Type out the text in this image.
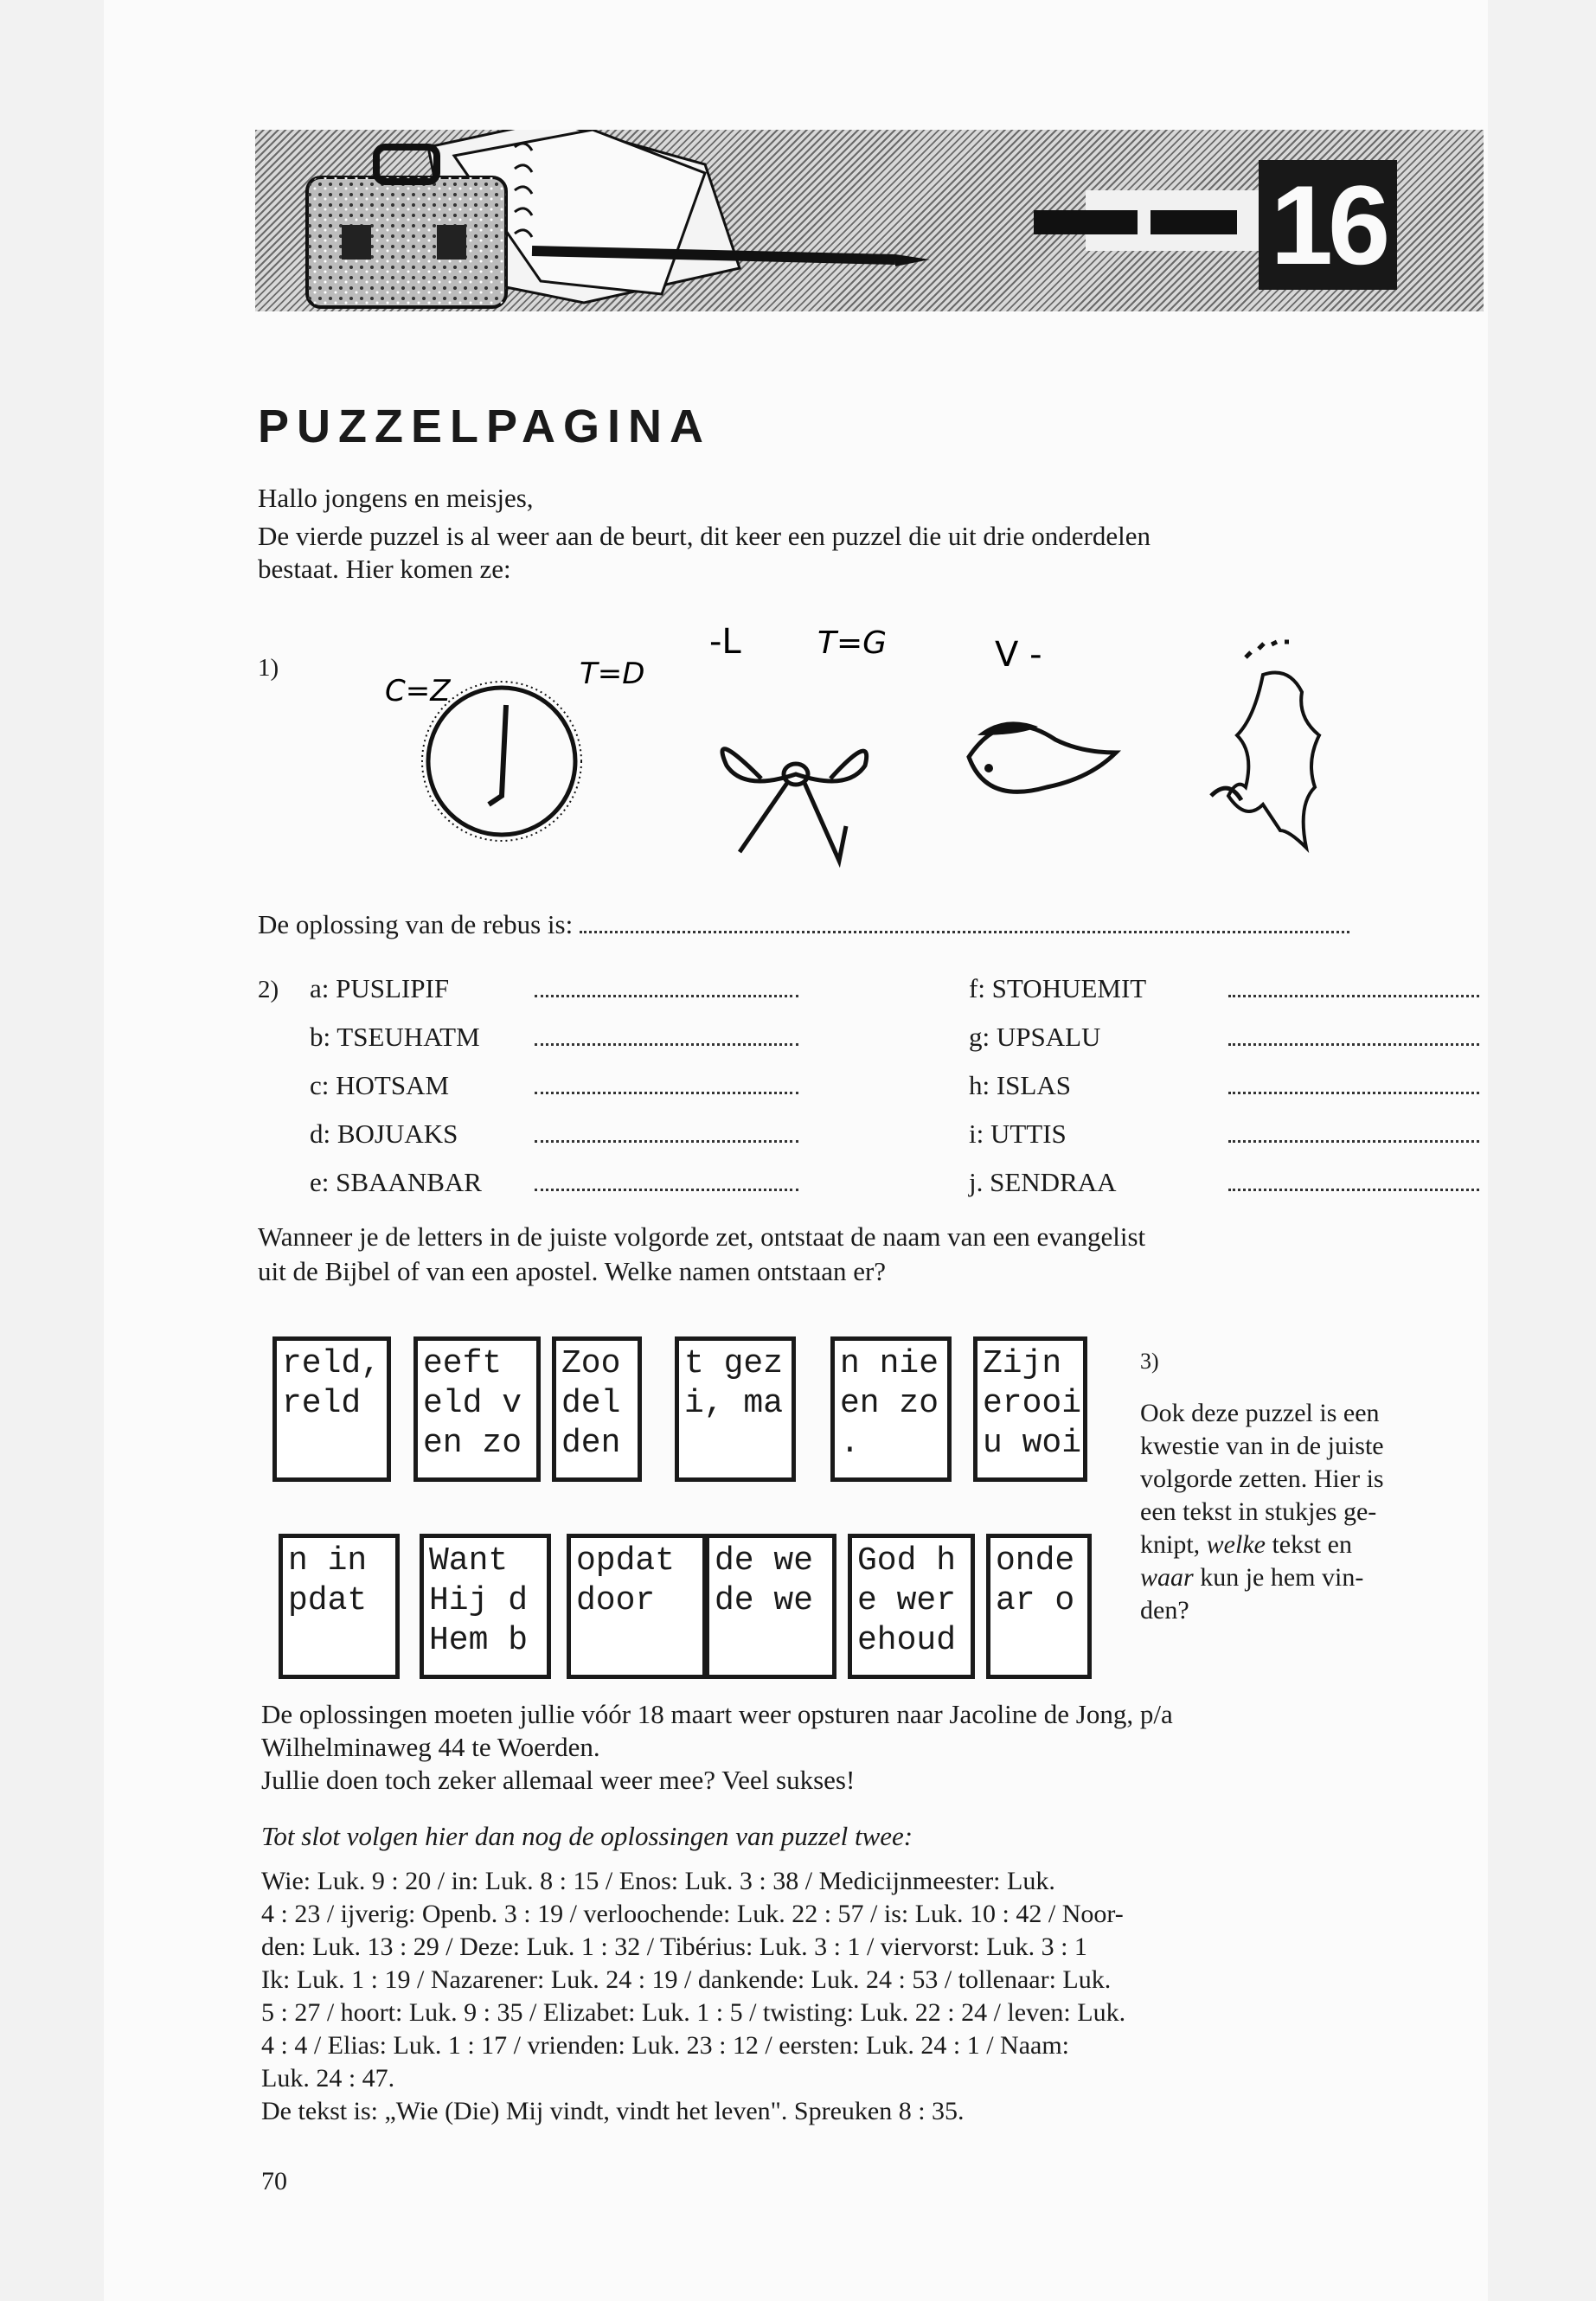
16
PUZZELPAGINA
Hallo jongens en meisjes,
De vierde puzzel is al weer aan de beurt, dit keer een puzzel die uit drie onderdelen
bestaat. Hier komen ze:
1)
C=Z	T=D
-L T=G	V -
De oplossing van de rebus is:
2) a: PUSLIPIF
b: TSEUHATM
c: HOTSAM
d: BOJUAKS
e: SBAANBAR
f: STOHUEMIT
g: UPSALU
h: ISLAS
i: UTTIS
j. SENDRAA
Wanneer je de letters in de juiste volgorde zet, ontstaat de naam van een evangelist
uit de Bijbel of van een apostel. Welke namen ontstaan er?
reld,
reld
eeft
eld v
en zo
Zoo
del
den
t gez
i, ma
n nie
en zo
.
Zijn
erooi
u woi
n in
pdat
Want
Hij d
Hem b
opdat
door
de we
de we
God h
e wer
ehoud
onde
ar o
3)
Ook deze puzzel is een
kwestie van in de juiste
volgorde zetten. Hier is
een tekst in stukjes ge-
knipt, welke tekst en
waar kun je hem vin-
den?
De oplossingen moeten jullie vóór 18 maart weer opsturen naar Jacoline de Jong, p/a
Wilhelminaweg 44 te Woerden.
Jullie doen toch zeker allemaal weer mee? Veel sukses!
Tot slot volgen hier dan nog de oplossingen van puzzel twee:
Wie: Luk. 9 : 20 / in: Luk. 8 : 15 / Enos: Luk. 3 : 38 / Medicijnmeester: Luk.
4 : 23 / ijverig: Openb. 3 : 19 / verloochende: Luk. 22 : 57 / is: Luk. 10 : 42 / Noor-
den: Luk. 13 : 29 / Deze: Luk. 1 : 32 / Tibérius: Luk. 3 : 1 / viervorst: Luk. 3 : 1
Ik: Luk. 1 : 19 / Nazarener: Luk. 24 : 19 / dankende: Luk. 24 : 53 / tollenaar: Luk.
5 : 27 / hoort: Luk. 9 : 35 / Elizabet: Luk. 1 : 5 / twisting: Luk. 22 : 24 / leven: Luk.
4 : 4 / Elias: Luk. 1 : 17 / vrienden: Luk. 23 : 12 / eersten: Luk. 24 : 1 / Naam:
Luk. 24 : 47.
De tekst is: „Wie (Die) Mij vindt, vindt het leven". Spreuken 8 : 35.
70
